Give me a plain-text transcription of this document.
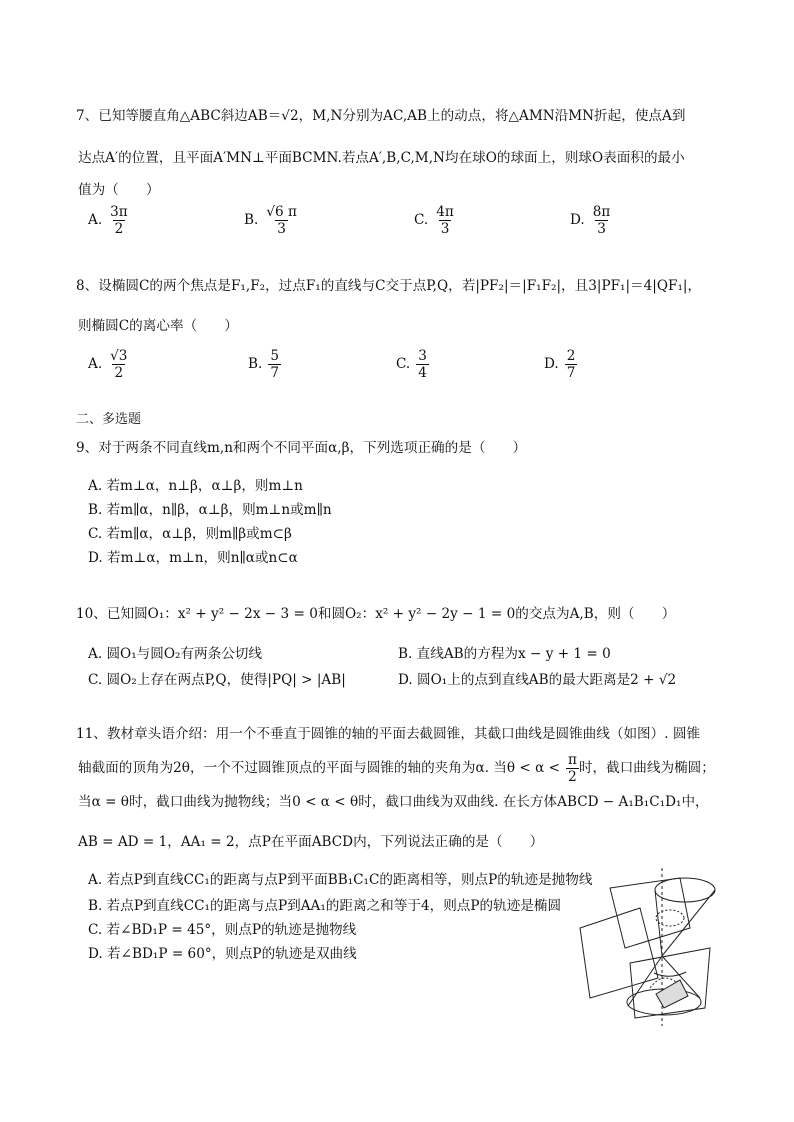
7、已知等腰直角△ABC斜边AB＝√2，M,N分别为AC,AB上的动点，将△AMN沿MN折起，使点A到
达点A′的位置，且平面A′MN⊥平面BCMN.若点A′,B,C,M,N均在球O的球面上，则球O表面积的最小
值为（　　）
A. $\frac{3\pi}{2}$	B. $\frac{√6 \pi}{3}$	C. $\frac{4\pi}{3}$	D. $\frac{8\pi}{3}$
8、设椭圆C的两个焦点是F₁,F₂，过点F₁的直线与C交于点P,Q，若|PF₂|＝|F₁F₂|，且3|PF₁|＝4|QF₁|，
则椭圆C的离心率（　　）
A. $\frac{√3}{2}$	B. $\frac{5}{7}$	C. $\frac{3}{4}$	D. $\frac{2}{7}$
二、多选题
9、对于两条不同直线m,n和两个不同平面α,β，下列选项正确的是（　　）
A. 若m⊥α，n⊥β，α⊥β，则m⊥n
B. 若m∥α，n∥β，α⊥β，则m⊥n或m∥n
C. 若m∥α，α⊥β，则m∥β或m⊂β
D. 若m⊥α，m⊥n，则n∥α或n⊂α
10、已知圆O₁：x² + y² − 2x − 3 = 0和圆O₂：x² + y² − 2y − 1 = 0的交点为A,B，则（　　）
A. 圆O₁与圆O₂有两条公切线	B. 直线AB的方程为x − y + 1 = 0
C. 圆O₂上存在两点P,Q，使得|PQ| > |AB|	D. 圆O₁上的点到直线AB的最大距离是2 + √2
11、教材章头语介绍：用一个不垂直于圆锥的轴的平面去截圆锥，其截口曲线是圆锥曲线（如图）. 圆锥
轴截面的顶角为2θ，一个不过圆锥顶点的平面与圆锥的轴的夹角为α. 当$\theta < \alpha < \frac{\pi}{2}$ 时，截口曲线为椭圆；
当α = θ时，截口曲线为抛物线；当0 < α < θ时，截口曲线为双曲线. 在长方体ABCD − A₁B₁C₁D₁中，
AB = AD = 1，AA₁ = 2，点P在平面ABCD内，下列说法正确的是（　　）
A. 若点P到直线CC₁的距离与点P到平面BB₁C₁C的距离相等，则点P的轨迹是抛物线
B. 若点P到直线CC₁的距离与点P到AA₁的距离之和等于4，则点P的轨迹是椭圆
C. 若∠BD₁P = 45°，则点P的轨迹是抛物线
D. 若∠BD₁P = 60°，则点P的轨迹是双曲线
